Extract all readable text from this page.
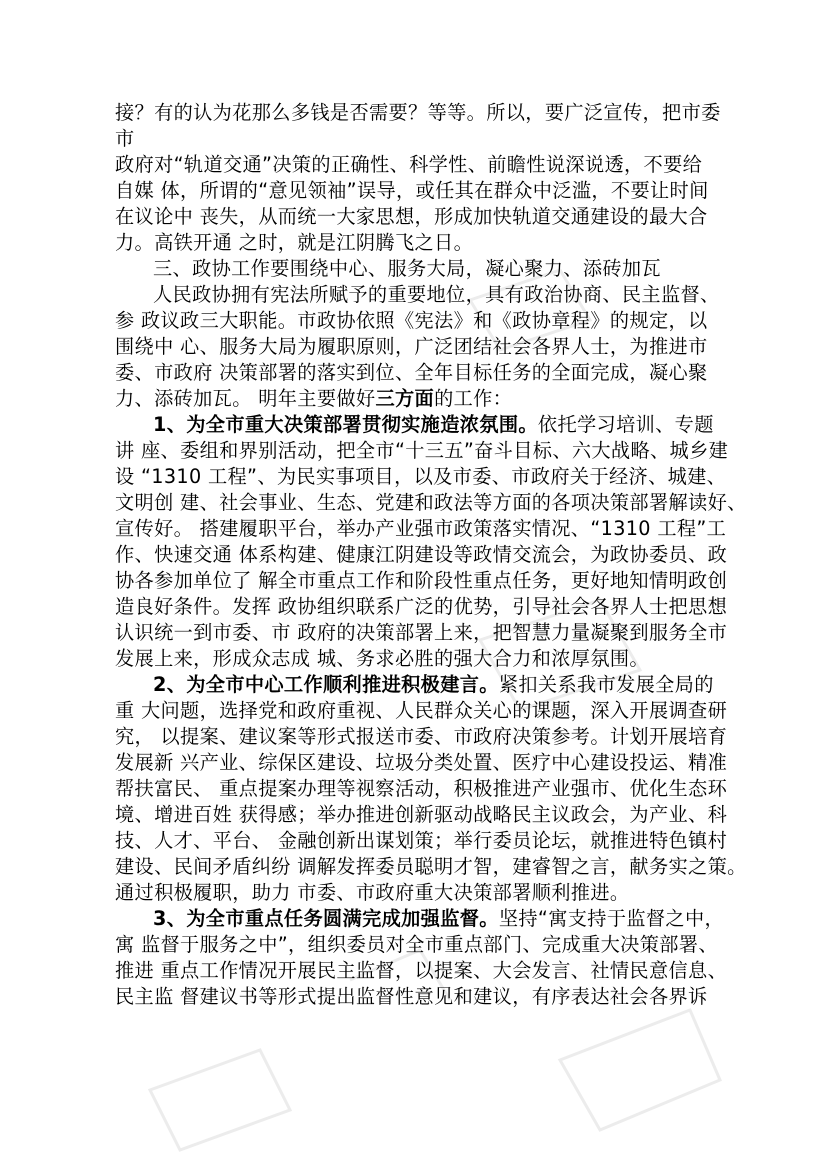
接？有的认为花那么多钱是否需要？等等。所以，要广泛宣传，把市委
市
政府对“轨道交通”决策的正确性、科学性、前瞻性说深说透，不要给
自媒 体，所谓的“意见领袖”误导，或任其在群众中泛滥，不要让时间
在议论中 丧失，从而统一大家思想，形成加快轨道交通建设的最大合
力。高铁开通 之时，就是江阴腾飞之日。
三、政协工作要围绕中心、服务大局，凝心聚力、添砖加瓦
人民政协拥有宪法所赋予的重要地位，具有政治协商、民主监督、
参 政议政三大职能。市政协依照《宪法》和《政协章程》的规定，以
围绕中 心、服务大局为履职原则，广泛团结社会各界人士，为推进市
委、市政府 决策部署的落实到位、全年目标任务的全面完成，凝心聚
力、添砖加瓦。 明年主要做好三方面的工作：
1、为全市重大决策部署贯彻实施造浓氛围。依托学习培训、专题
讲 座、委组和界别活动，把全市“十三五”奋斗目标、六大战略、城乡建
设 “1310 工程”、为民实事项目，以及市委、市政府关于经济、城建、
文明创 建、社会事业、生态、党建和政法等方面的各项决策部署解读好、
宣传好。 搭建履职平台，举办产业强市政策落实情况、“1310 工程”工
作、快速交通 体系构建、健康江阴建设等政情交流会，为政协委员、政
协各参加单位了 解全市重点工作和阶段性重点任务，更好地知情明政创
造良好条件。发挥 政协组织联系广泛的优势，引导社会各界人士把思想
认识统一到市委、市 政府的决策部署上来，把智慧力量凝聚到服务全市
发展上来，形成众志成 城、务求必胜的强大合力和浓厚氛围。
2、为全市中心工作顺利推进积极建言。紧扣关系我市发展全局的
重 大问题，选择党和政府重视、人民群众关心的课题，深入开展调查研
究， 以提案、建议案等形式报送市委、市政府决策参考。计划开展培育
发展新 兴产业、综保区建设、垃圾分类处置、医疗中心建设投运、精准
帮扶富民、 重点提案办理等视察活动，积极推进产业强市、优化生态环
境、增进百姓 获得感；举办推进创新驱动战略民主议政会，为产业、科
技、人才、平台、 金融创新出谋划策；举行委员论坛，就推进特色镇村
建设、民间矛盾纠纷 调解发挥委员聪明才智，建睿智之言，献务实之策。
通过积极履职，助力 市委、市政府重大决策部署顺利推进。
3、为全市重点任务圆满完成加强监督。坚持“寓支持于监督之中，
寓 监督于服务之中”，组织委员对全市重点部门、完成重大决策部署、
推进 重点工作情况开展民主监督，以提案、大会发言、社情民意信息、
民主监 督建议书等形式提出监督性意见和建议，有序表达社会各界诉
